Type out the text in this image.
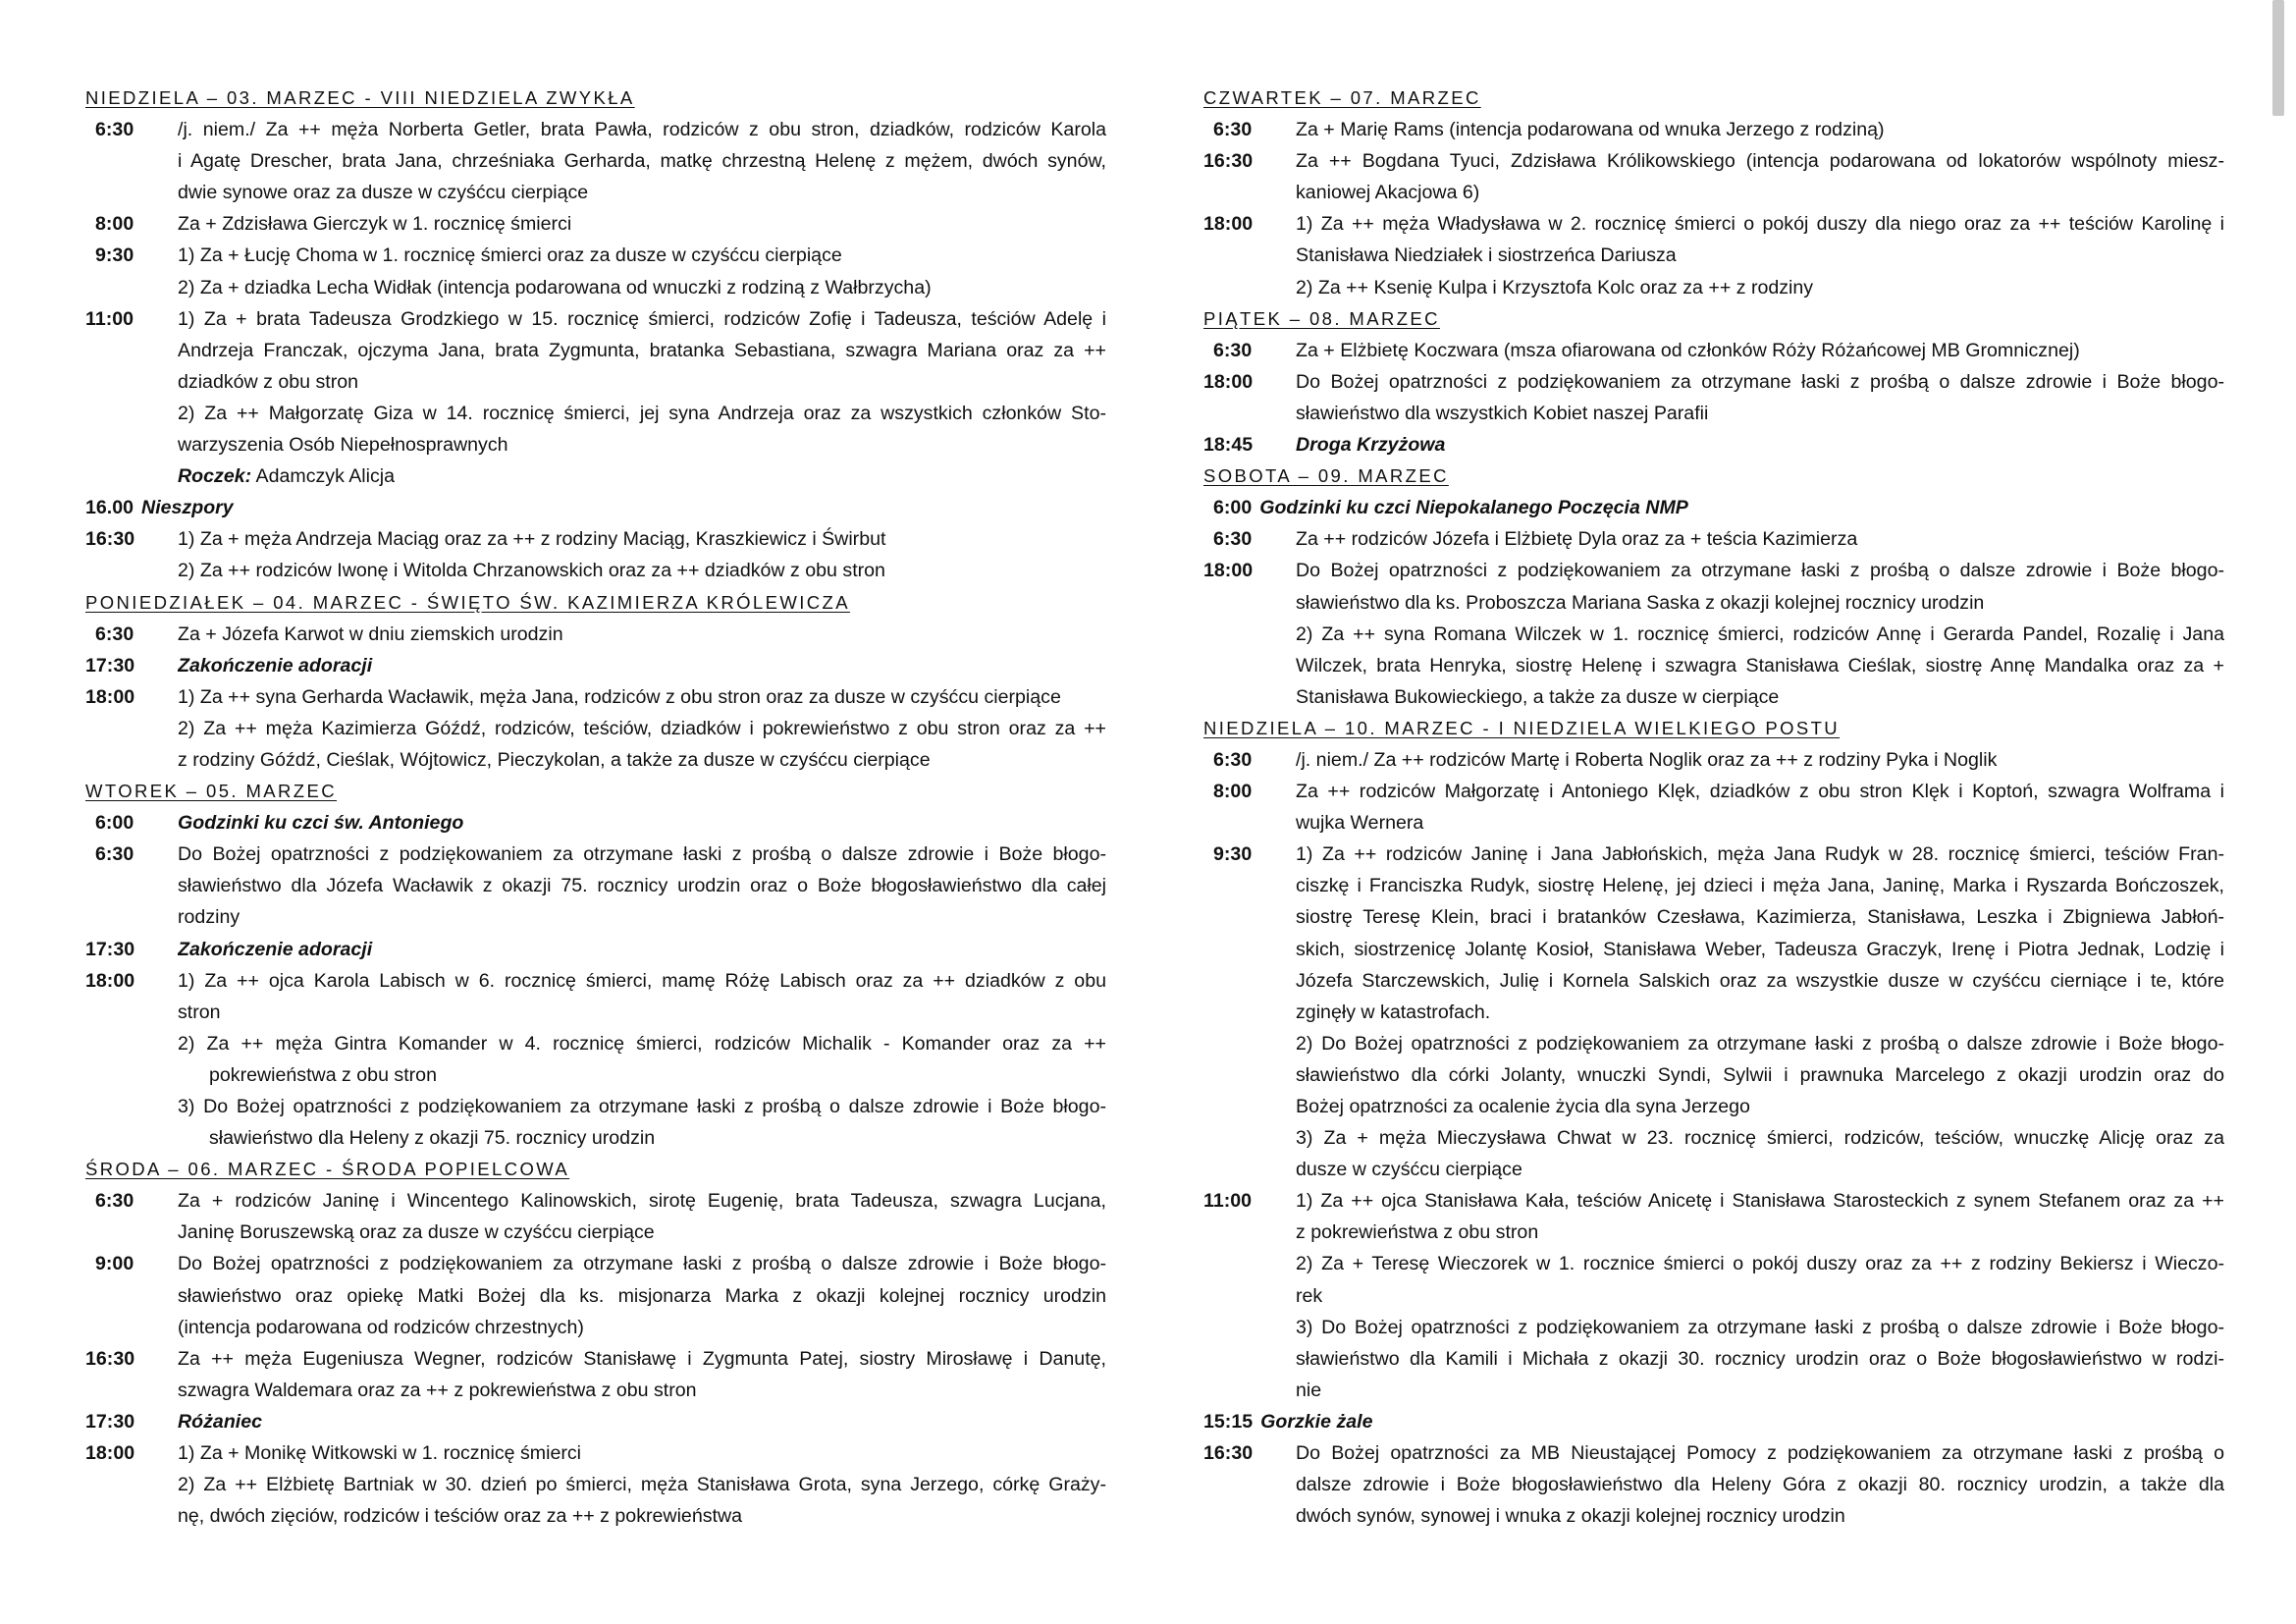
NIEDZIELA – 03. MARZEC - VIII NIEDZIELA ZWYKŁA
6:30	/j. niem./ Za ++ męża Norberta Getler, brata Pawła, rodziców z obu stron, dziadków, rodziców Karola
i Agatę Drescher, brata Jana, chrześniaka Gerharda, matkę chrzestną Helenę z mężem, dwóch synów,
dwie synowe oraz za dusze w czyśćcu cierpiące
8:00	Za + Zdzisława Gierczyk w 1. rocznicę śmierci
9:30	1) Za + Łucję Choma w 1. rocznicę śmierci oraz za dusze w czyśćcu cierpiące
2) Za + dziadka Lecha Widłak (intencja podarowana od wnuczki z rodziną z Wałbrzycha)
11:00	1) Za + brata Tadeusza Grodzkiego w 15. rocznicę śmierci, rodziców Zofię i Tadeusza, teściów Adelę i
Andrzeja Franczak, ojczyma Jana, brata Zygmunta, bratanka Sebastiana, szwagra Mariana oraz za ++
dziadków z obu stron
2) Za ++ Małgorzatę Giza w 14. rocznicę śmierci, jej syna Andrzeja oraz za wszystkich członków Sto-
warzyszenia Osób Niepełnosprawnych
Roczek: Adamczyk Alicja
16.00 Nieszpory
16:30	1) Za + męża Andrzeja Maciąg oraz za ++ z rodziny Maciąg, Kraszkiewicz i Świrbut
2) Za ++ rodziców Iwonę i Witolda Chrzanowskich oraz za ++ dziadków z obu stron
PONIEDZIAŁEK – 04. MARZEC - ŚWIĘTO ŚW. KAZIMIERZA KRÓLEWICZA
6:30	Za + Józefa Karwot w dniu ziemskich urodzin
17:30	Zakończenie adoracji
18:00	1) Za ++ syna Gerharda Wacławik, męża Jana, rodziców z obu stron oraz za dusze w czyśćcu cierpiące
2) Za ++ męża Kazimierza Góźdź, rodziców, teściów, dziadków i pokrewieństwo z obu stron oraz za ++
z rodziny Góźdź, Cieślak, Wójtowicz, Pieczykolan, a także za dusze w czyśćcu cierpiące
WTOREK – 05. MARZEC
6:00	Godzinki ku czci św. Antoniego
6:30	Do Bożej opatrzności z podziękowaniem za otrzymane łaski z prośbą o dalsze zdrowie i Boże błogo-
sławieństwo dla Józefa Wacławik z okazji 75. rocznicy urodzin oraz o Boże błogosławieństwo dla całej
rodziny
17:30	Zakończenie adoracji
18:00	1) Za ++ ojca Karola Labisch w 6. rocznicę śmierci, mamę Różę Labisch oraz za ++ dziadków z obu
stron
2) Za ++ męża Gintra Komander w 4. rocznicę śmierci, rodziców Michalik - Komander oraz za ++
pokrewieństwa z obu stron
3) Do Bożej opatrzności z podziękowaniem za otrzymane łaski z prośbą o dalsze zdrowie i Boże błogo-
sławieństwo dla Heleny z okazji 75. rocznicy urodzin
ŚRODA – 06. MARZEC - ŚRODA POPIELCOWA
6:30	Za + rodziców Janinę i Wincentego Kalinowskich, sirotę Eugenię, brata Tadeusza, szwagra Lucjana,
Janinę Boruszewską oraz za dusze w czyśćcu cierpiące
9:00	Do Bożej opatrzności z podziękowaniem za otrzymane łaski z prośbą o dalsze zdrowie i Boże błogo-
sławieństwo oraz opiekę Matki Bożej dla ks. misjonarza Marka z okazji kolejnej rocznicy urodzin
(intencja podarowana od rodziców chrzestnych)
16:30	Za ++ męża Eugeniusza Wegner, rodziców Stanisławę i Zygmunta Patej, siostry Mirosławę i Danutę,
szwagra Waldemara oraz za ++ z pokrewieństwa z obu stron
17:30	Różaniec
18:00	1) Za + Monikę Witkowski w 1. rocznicę śmierci
2) Za ++ Elżbietę Bartniak w 30. dzień po śmierci, męża Stanisława Grota, syna Jerzego, córkę Graży-
nę, dwóch zięciów, rodziców i teściów oraz za ++ z pokrewieństwa
CZWARTEK – 07. MARZEC
6:30	Za + Marię Rams (intencja podarowana od wnuka Jerzego z rodziną)
16:30	Za ++ Bogdana Tyuci, Zdzisława Królikowskiego (intencja podarowana od lokatorów wspólnoty miesz-
kaniowej Akacjowa 6)
18:00	1) Za ++ męża Władysława w 2. rocznicę śmierci o pokój duszy dla niego oraz za ++ teściów Karolinę i
Stanisława Niedziałek i siostrzeńca Dariusza
2) Za ++ Ksenię Kulpa i Krzysztofa Kolc oraz za ++ z rodziny
PIĄTEK – 08. MARZEC
6:30	Za + Elżbietę Koczwara (msza ofiarowana od członków Róży Różańcowej MB Gromnicznej)
18:00	Do Bożej opatrzności z podziękowaniem za otrzymane łaski z prośbą o dalsze zdrowie i Boże błogo-
sławieństwo dla wszystkich Kobiet naszej Parafii
18:45	Droga Krzyżowa
SOBOTA – 09. MARZEC
6:00 Godzinki ku czci Niepokalanego Poczęcia NMP
6:30	Za ++ rodziców Józefa i Elżbietę Dyla oraz za + teścia Kazimierza
18:00	Do Bożej opatrzności z podziękowaniem za otrzymane łaski z prośbą o dalsze zdrowie i Boże błogo-
sławieństwo dla ks. Proboszcza Mariana Saska z okazji kolejnej rocznicy urodzin
2) Za ++ syna Romana Wilczek w 1. rocznicę śmierci, rodziców Annę i Gerarda Pandel, Rozalię i Jana
Wilczek, brata Henryka, siostrę Helenę i szwagra Stanisława Cieślak, siostrę Annę Mandalka oraz za +
Stanisława Bukowieckiego, a także za dusze w cierpiące
NIEDZIELA – 10. MARZEC - I NIEDZIELA WIELKIEGO POSTU
6:30	/j. niem./ Za ++ rodziców Martę i Roberta Noglik oraz za ++ z rodziny Pyka i Noglik
8:00	Za ++ rodziców Małgorzatę i Antoniego Klęk, dziadków z obu stron Klęk i Koptoń, szwagra Wolframa i
wujka Wernera
9:30	1) Za ++ rodziców Janinę i Jana Jabłońskich, męża Jana Rudyk w 28. rocznicę śmierci, teściów Fran-
ciszkę i Franciszka Rudyk, siostrę Helenę, jej dzieci i męża Jana, Janinę, Marka i Ryszarda Bończoszek,
siostrę Teresę Klein, braci i bratanków Czesława, Kazimierza, Stanisława, Leszka i Zbigniewa Jabłoń-
skich, siostrzenicę Jolantę Kosioł, Stanisława Weber, Tadeusza Graczyk, Irenę i Piotra Jednak, Lodzię i
Józefa Starczewskich, Julię i Kornela Salskich oraz za wszystkie dusze w czyśćcu cierniące i te, które
zginęły w katastrofach.
2) Do Bożej opatrzności z podziękowaniem za otrzymane łaski z prośbą o dalsze zdrowie i Boże błogo-
sławieństwo dla córki Jolanty, wnuczki Syndi, Sylwii i prawnuka Marcelego z okazji urodzin oraz do
Bożej opatrzności za ocalenie życia dla syna Jerzego
3) Za + męża Mieczysława Chwat w 23. rocznicę śmierci, rodziców, teściów, wnuczkę Alicję oraz za
dusze w czyśćcu cierpiące
11:00	1) Za ++ ojca Stanisława Kała, teściów Anicetę i Stanisława Starosteckich z synem Stefanem oraz za ++
z pokrewieństwa z obu stron
2) Za + Teresę Wieczorek w 1. rocznice śmierci o pokój duszy oraz za ++ z rodziny Bekiersz i Wieczo-
rek
3) Do Bożej opatrzności z podziękowaniem za otrzymane łaski z prośbą o dalsze zdrowie i Boże błogo-
sławieństwo dla Kamili i Michała z okazji 30. rocznicy urodzin oraz o Boże błogosławieństwo w rodzi-
nie
15:15 Gorzkie żale
16:30	Do Bożej opatrzności za MB Nieustającej Pomocy z podziękowaniem za otrzymane łaski z prośbą o
dalsze zdrowie i Boże błogosławieństwo dla Heleny Góra z okazji 80. rocznicy urodzin, a także dla
dwóch synów, synowej i wnuka z okazji kolejnej rocznicy urodzin
